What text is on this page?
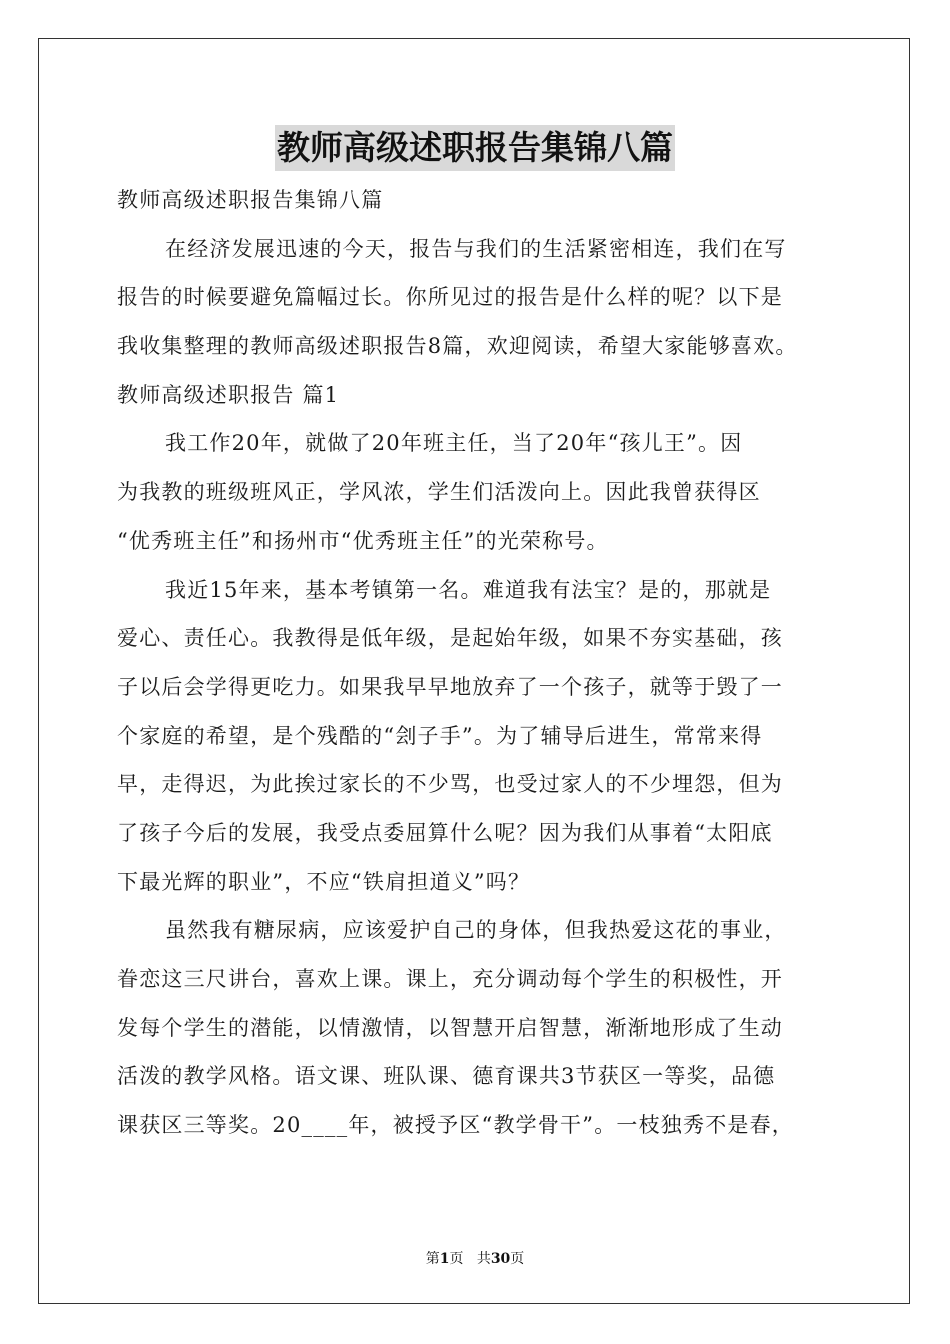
教师高级述职报告集锦八篇
教师高级述职报告集锦八篇
在经济发展迅速的今天，报告与我们的生活紧密相连，我们在写
报告的时候要避免篇幅过长。你所见过的报告是什么样的呢？以下是
我收集整理的教师高级述职报告8篇，欢迎阅读，希望大家能够喜欢。
教师高级述职报告 篇1
我工作20年，就做了20年班主任，当了20年“孩儿王”。因
为我教的班级班风正，学风浓，学生们活泼向上。因此我曾获得区
“优秀班主任”和扬州市“优秀班主任”的光荣称号。
我近15年来，基本考镇第一名。难道我有法宝？是的，那就是
爱心、责任心。我教得是低年级，是起始年级，如果不夯实基础，孩
子以后会学得更吃力。如果我早早地放弃了一个孩子，就等于毁了一
个家庭的希望，是个残酷的“刽子手”。为了辅导后进生，常常来得
早，走得迟，为此挨过家长的不少骂，也受过家人的不少埋怨，但为
了孩子今后的发展，我受点委屈算什么呢？因为我们从事着“太阳底
下最光辉的职业”，不应“铁肩担道义”吗？
虽然我有糖尿病，应该爱护自己的身体，但我热爱这花的事业，
眷恋这三尺讲台，喜欢上课。课上，充分调动每个学生的积极性，开
发每个学生的潜能，以情激情，以智慧开启智慧，渐渐地形成了生动
活泼的教学风格。语文课、班队课、德育课共3节获区一等奖，品德
课获区三等奖。20____年，被授予区“教学骨干”。一枝独秀不是春，
第1页 共30页
